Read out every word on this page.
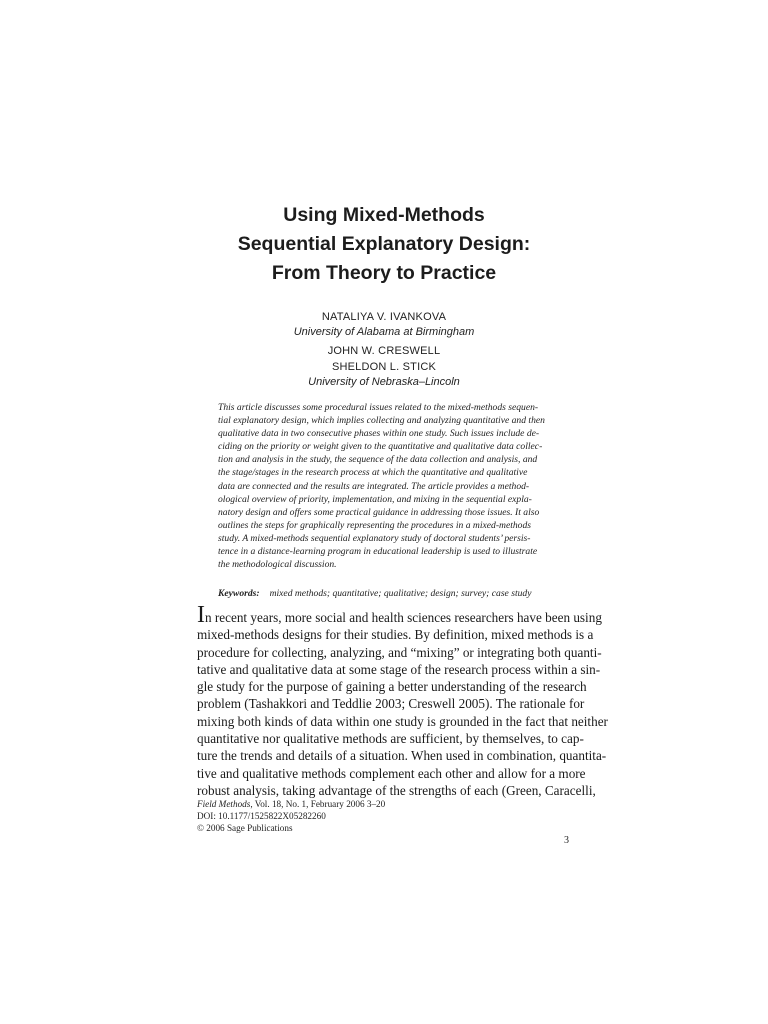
Using Mixed-Methods
Sequential Explanatory Design:
From Theory to Practice
NATALIYA V. IVANKOVA
University of Alabama at Birmingham
JOHN W. CRESWELL
SHELDON L. STICK
University of Nebraska–Lincoln
This article discusses some procedural issues related to the mixed-methods sequen-
tial explanatory design, which implies collecting and analyzing quantitative and then
qualitative data in two consecutive phases within one study. Such issues include de-
ciding on the priority or weight given to the quantitative and qualitative data collec-
tion and analysis in the study, the sequence of the data collection and analysis, and
the stage/stages in the research process at which the quantitative and qualitative
data are connected and the results are integrated. The article provides a method-
ological overview of priority, implementation, and mixing in the sequential expla-
natory design and offers some practical guidance in addressing those issues. It also
outlines the steps for graphically representing the procedures in a mixed-methods
study. A mixed-methods sequential explanatory study of doctoral students’ persis-
tence in a distance-learning program in educational leadership is used to illustrate
the methodological discussion.
Keywords: mixed methods; quantitative; qualitative; design; survey; case study
In recent years, more social and health sciences researchers have been using
mixed-methods designs for their studies. By definition, mixed methods is a
procedure for collecting, analyzing, and “mixing” or integrating both quanti-
tative and qualitative data at some stage of the research process within a sin-
gle study for the purpose of gaining a better understanding of the research
problem (Tashakkori and Teddlie 2003; Creswell 2005). The rationale for
mixing both kinds of data within one study is grounded in the fact that neither
quantitative nor qualitative methods are sufficient, by themselves, to cap-
ture the trends and details of a situation. When used in combination, quantita-
tive and qualitative methods complement each other and allow for a more
robust analysis, taking advantage of the strengths of each (Green, Caracelli,
Field Methods, Vol. 18, No. 1, February 2006 3–20
DOI: 10.1177/1525822X05282260
© 2006 Sage Publications
3
